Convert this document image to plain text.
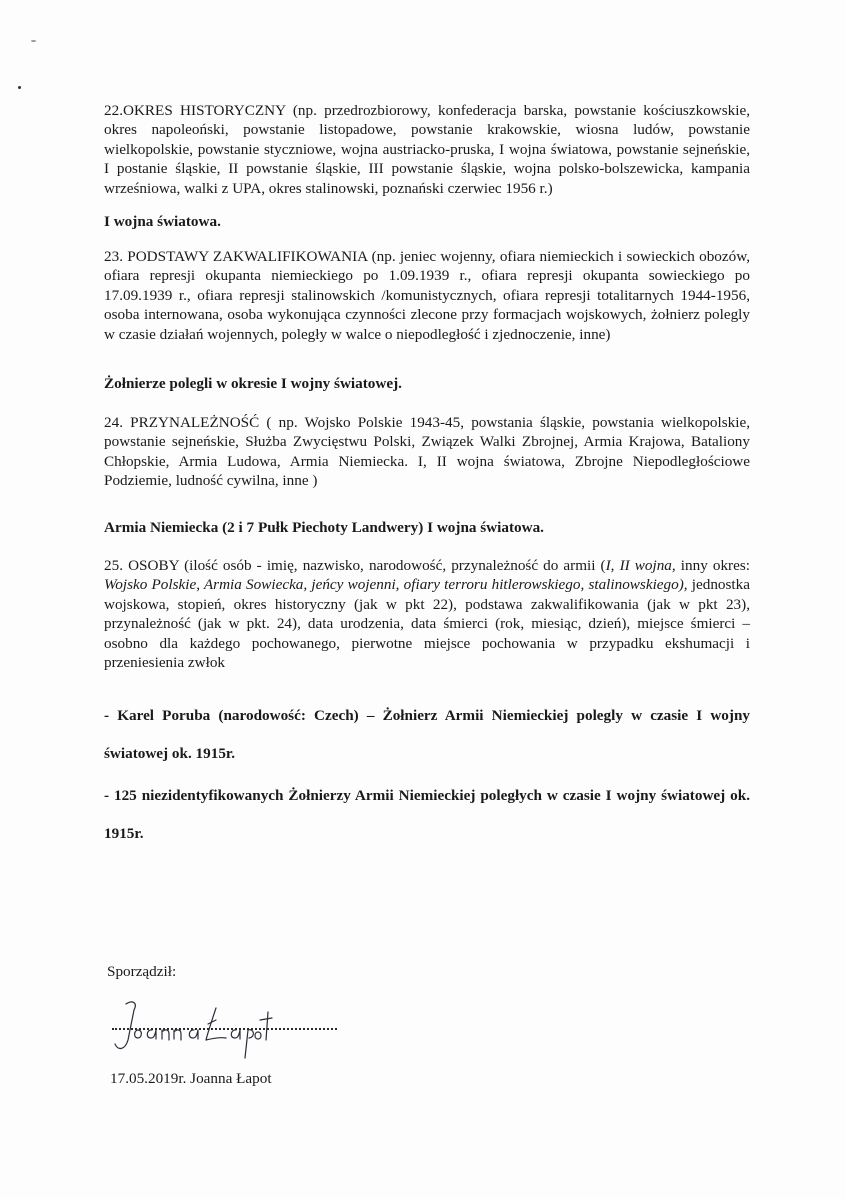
22.OKRES HISTORYCZNY (np. przedrozbiorowy, konfederacja barska, powstanie kościuszkowskie, okres napoleoński, powstanie listopadowe, powstanie krakowskie, wiosna ludów, powstanie wielkopolskie, powstanie styczniowe, wojna austriacko-pruska, I wojna światowa, powstanie sejneńskie, I postanie śląskie, II powstanie śląskie, III powstanie śląskie, wojna polsko-bolszewicka, kampania wrześniowa, walki z UPA, okres stalinowski, poznański czerwiec 1956 r.)
I wojna światowa.
23. PODSTAWY ZAKWALIFIKOWANIA (np. jeniec wojenny, ofiara niemieckich i sowieckich obozów, ofiara represji okupanta niemieckiego po 1.09.1939 r., ofiara represji okupanta sowieckiego po 17.09.1939 r., ofiara represji stalinowskich /komunistycznych, ofiara represji totalitarnych 1944-1956, osoba internowana, osoba wykonująca czynności zlecone przy formacjach wojskowych, żołnierz polegly w czasie działań wojennych, poległy w walce o niepodległość i zjednoczenie, inne)
Żołnierze polegli w okresie I wojny światowej.
24. PRZYNALEŻNOŚĆ ( np. Wojsko Polskie 1943-45, powstania śląskie, powstania wielkopolskie, powstanie sejneńskie, Służba Zwycięstwu Polski, Związek Walki Zbrojnej, Armia Krajowa, Bataliony Chłopskie, Armia Ludowa, Armia Niemiecka. I, II wojna światowa, Zbrojne Niepodległościowe Podziemie, ludność cywilna, inne )
Armia Niemiecka (2 i 7 Pułk Piechoty Landwery) I wojna światowa.
25. OSOBY (ilość osób - imię, nazwisko, narodowość, przynależność do armii (I, II wojna, inny okres: Wojsko Polskie, Armia Sowiecka, jeńcy wojenni, ofiary terroru hitlerowskiego, stalinowskiego), jednostka wojskowa, stopień, okres historyczny (jak w pkt 22), podstawa zakwalifikowania (jak w pkt 23), przynależność (jak w pkt. 24), data urodzenia, data śmierci (rok, miesiąc, dzień), miejsce śmierci – osobno dla każdego pochowanego, pierwotne miejsce pochowania w przypadku ekshumacji i przeniesienia zwłok

- Karel Poruba (narodowość: Czech) – Żołnierz Armii Niemieckiej polegly w czasie I wojny światowej ok. 1915r.

- 125 niezidentyfikowanych Żołnierzy Armii Niemieckiej poległych w czasie I wojny światowej ok. 1915r.

Sporządził:
17.05.2019r. Joanna Łapot
